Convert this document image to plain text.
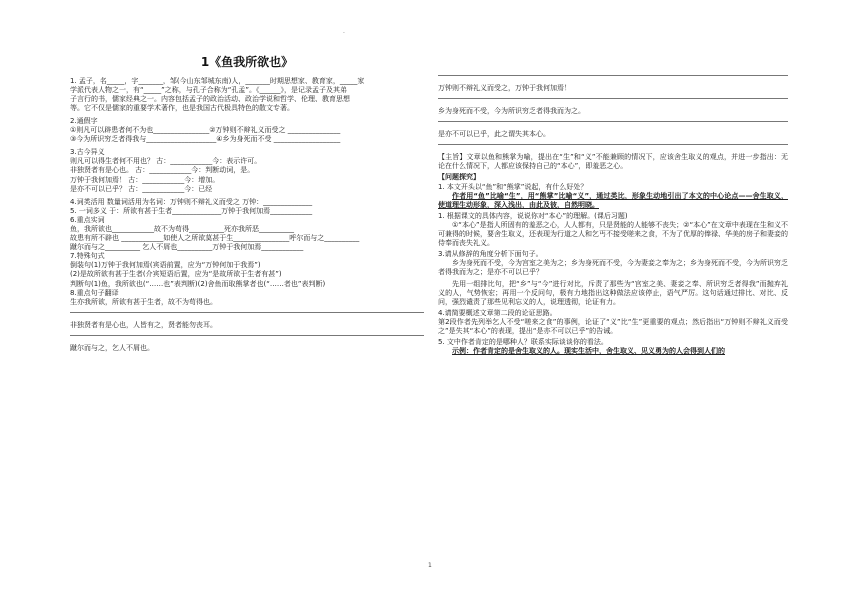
·
1《鱼我所欲也》
1. 孟子，名_____，字_______，邹(今山东邹城东南)人，_______时期思想家、教育家，_____家
学派代表人物之一，有“_____”之称，与孔子合称为“孔孟”。《______》，是记录孟子及其弟
子言行的书，儒家经典之一。内容包括孟子的政治活动、政治学说和哲学、伦理、教育思想
等。它不仅是儒家的重要学术著作，也是我国古代极具特色的散文专著。
2.通假字
①则凡可以辟患者何不为也________________②万钟则不辩礼义而受之 _______________
③今为所识穷乏者得我与____________________④乡为身死而不受 ___________________
3.古今异义
则凡可以得生者何不用也？ 古：____________今：表示许可。
非独贤者有是心也。 古：____________今：判断动词，是。
万钟于我何加焉！ 古：____________今：增加。
是亦不可以已乎？ 古：____________今：已经
4.词类活用 数量词活用为名词：万钟则不辩礼义而受之 万钟：______________
5. 一词多义 于：所欲有甚于生者______________万钟于我何加焉____________
6.重点实词
鱼，我所欲也____________故不为苟得__________死亦我所恶__________
故患有所不辟也 ____________如使人之所欲莫甚于生________________呼尔而与之__________
蹴尔而与之__________ 乞人不屑也__________万钟于我何加焉____________
7.特殊句式
倒装句(1)万钟于我何加焉(宾语前置，应为“万钟何加于我焉”)
(2)是故所欲有甚于生者(介宾短语后置，应为“是故所欲于生者有甚”)
判断句(1)鱼，我所欲也(“……也”表判断)(2)舍鱼而取熊掌者也(“……者也”表判断)
8.重点句子翻译
生亦我所欲，所欲有甚于生者，故不为苟得也。
非独贤者有是心也，人皆有之，贤者能勿丧耳。
蹴尔而与之，乞人不屑也。
万钟则不辩礼义而受之，万钟于我何加焉！
乡为身死而不受，今为所识穷乏者得我而为之。
是亦不可以已乎，此之谓失其本心。
【主旨】文章以鱼和熊掌为喻，提出在“生”和“义”不能兼顾的情况下，应该舍生取义的观点，并进一步指出：无论在什么情况下，人都应该保持自己的“本心”，即羞恶之心。
【问题探究】
1. 本文开头以“鱼”和“熊掌”说起，有什么好处？
作者用“鱼”比喻“生”，用“熊掌”比喻“义”，通过类比，形象生动地引出了本文的中心论点——舍生取义，使道理生动形象，深入浅出，由此及彼，自然明晓。
1. 根据课文的具体内容，说说你对“本心”的理解。(课后习题)
①“本心”是指人所固有的羞恶之心，人人都有，只是贤能的人能够不丧失；②“本心”在文章中表现在生和义不可兼得的时候，要舍生取义，还表现为行道之人和乞丐不接受嗟来之食，不为了优厚的俸禄、华美的房子和妻妾的侍奉而丧失礼义。
3.请从修辞的角度分析下面句子。
乡为身死而不受，今为宫室之美为之；乡为身死而不受，今为妻妾之奉为之；乡为身死而不受，今为所识穷乏者得我而为之；是亦不可以已乎？
先用一组排比句，把“乡”与“今”进行对比，斥责了那些为“宫室之美、妻妾之奉、所识穷乏者得我”而抛弃礼义的人，气势恢宏；再用一个反问句，极有力地指出这种做法应该停止，语气严厉。这句话通过排比、对比、反问，强烈谴责了那些见利忘义的人，说理透彻，论证有力。
4.请简要概述文章第二段的论证思路。
第2段作者先列举乞人不受“嗟来之食”的事例，论证了“义”比“生”更重要的观点；然后指出“万钟则不辩礼义而受之”是失其“本心”的表现，提出“是亦不可以已乎”的告诫。
5. 文中作者肯定的是哪种人？联系实际谈谈你的看法。
示例：作者肯定的是舍生取义的人。现实生活中，舍生取义、见义勇为的人会得到人们的
1
